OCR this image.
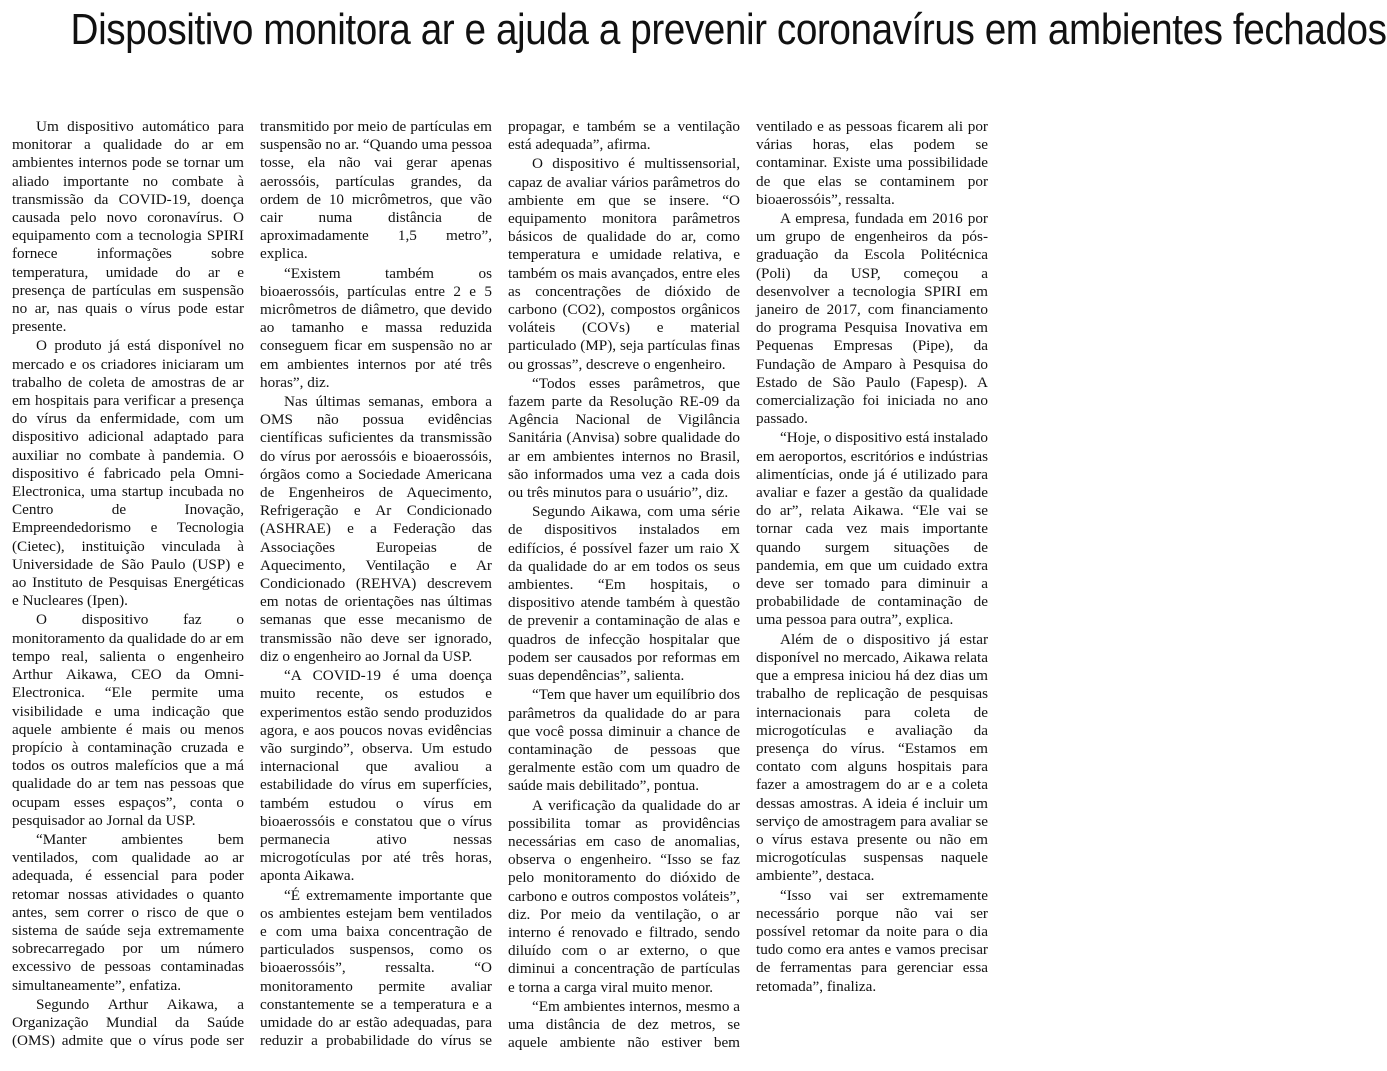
Dispositivo monitora ar e ajuda a prevenir coronavírus em ambientes fechados

Um dispositivo automático para monitorar a qualidade do ar em ambientes internos pode se tornar um aliado importante no combate à transmissão da COVID-19, doença causada pelo novo coronavírus. O equipamento com a tecnologia SPIRI fornece informações sobre temperatura, umidade do ar e presença de partículas em suspensão no ar, nas quais o vírus pode estar presente.

O produto já está disponível no mercado e os criadores iniciaram um trabalho de coleta de amostras de ar em hospitais para verificar a presença do vírus da enfermidade, com um dispositivo adicional adaptado para auxiliar no combate à pandemia. O dispositivo é fabricado pela Omni-Electronica, uma startup incubada no Centro de Inovação, Empreendedorismo e Tecnologia (Cietec), instituição vinculada à Universidade de São Paulo (USP) e ao Instituto de Pesquisas Energéticas e Nucleares (Ipen).

O dispositivo faz o monitoramento da qualidade do ar em tempo real, salienta o engenheiro Arthur Aikawa, CEO da Omni-Electronica. “Ele permite uma visibilidade e uma indicação que aquele ambiente é mais ou menos propício à contaminação cruzada e todos os outros malefícios que a má qualidade do ar tem nas pessoas que ocupam esses espaços”, conta o pesquisador ao Jornal da USP.

“Manter ambientes bem ventilados, com qualidade ao ar adequada, é essencial para poder retomar nossas atividades o quanto antes, sem correr o risco de que o sistema de saúde seja extremamente sobrecarregado por um número excessivo de pessoas contaminadas simultaneamente”, enfatiza.

Segundo Arthur Aikawa, a Organização Mundial da Saúde (OMS) admite que o vírus pode ser transmitido por meio de partículas em suspensão no ar. “Quando uma pessoa tosse, ela não vai gerar apenas aerossóis, partículas grandes, da ordem de 10 micrômetros, que vão cair numa distância de aproximadamente 1,5 metro”, explica.

“Existem também os bioaerossóis, partículas entre 2 e 5 micrômetros de diâmetro, que devido ao tamanho e massa reduzida conseguem ficar em suspensão no ar em ambientes internos por até três horas”, diz.

Nas últimas semanas, embora a OMS não possua evidências científicas suficientes da transmissão do vírus por aerossóis e bioaerossóis, órgãos como a Sociedade Americana de Engenheiros de Aquecimento, Refrigeração e Ar Condicionado (ASHRAE) e a Federação das Associações Europeias de Aquecimento, Ventilação e Ar Condicionado (REHVA) descrevem em notas de orientações nas últimas semanas que esse mecanismo de transmissão não deve ser ignorado, diz o engenheiro ao Jornal da USP.

“A COVID-19 é uma doença muito recente, os estudos e experimentos estão sendo produzidos agora, e aos poucos novas evidências vão surgindo”, observa. Um estudo internacional que avaliou a estabilidade do vírus em superfícies, também estudou o vírus em bioaerossóis e constatou que o vírus permanecia ativo nessas microgotículas por até três horas, aponta Aikawa.

“É extremamente importante que os ambientes estejam bem ventilados e com uma baixa concentração de particulados suspensos, como os bioaerossóis”, ressalta. “O monitoramento permite avaliar constantemente se a temperatura e a umidade do ar estão adequadas, para reduzir a probabilidade do vírus se propagar, e também se a ventilação está adequada”, afirma.

O dispositivo é multissensorial, capaz de avaliar vários parâmetros do ambiente em que se insere. “O equipamento monitora parâmetros básicos de qualidade do ar, como temperatura e umidade relativa, e também os mais avançados, entre eles as concentrações de dióxido de carbono (CO2), compostos orgânicos voláteis (COVs) e material particulado (MP), seja partículas finas ou grossas”, descreve o engenheiro.

“Todos esses parâmetros, que fazem parte da Resolução RE-09 da Agência Nacional de Vigilância Sanitária (Anvisa) sobre qualidade do ar em ambientes internos no Brasil, são informados uma vez a cada dois ou três minutos para o usuário”, diz.

Segundo Aikawa, com uma série de dispositivos instalados em edifícios, é possível fazer um raio X da qualidade do ar em todos os seus ambientes. “Em hospitais, o dispositivo atende também à questão de prevenir a contaminação de alas e quadros de infecção hospitalar que podem ser causados por reformas em suas dependências”, salienta.

“Tem que haver um equilíbrio dos parâmetros da qualidade do ar para que você possa diminuir a chance de contaminação de pessoas que geralmente estão com um quadro de saúde mais debilitado”, pontua.

A verificação da qualidade do ar possibilita tomar as providências necessárias em caso de anomalias, observa o engenheiro. “Isso se faz pelo monitoramento do dióxido de carbono e outros compostos voláteis”, diz. Por meio da ventilação, o ar interno é renovado e filtrado, sendo diluído com o ar externo, o que diminui a concentração de partículas e torna a carga viral muito menor.

“Em ambientes internos, mesmo a uma distância de dez metros, se aquele ambiente não estiver bem ventilado e as pessoas ficarem ali por várias horas, elas podem se contaminar. Existe uma possibilidade de que elas se contaminem por bioaerossóis”, ressalta.

A empresa, fundada em 2016 por um grupo de engenheiros da pós-graduação da Escola Politécnica (Poli) da USP, começou a desenvolver a tecnologia SPIRI em janeiro de 2017, com financiamento do programa Pesquisa Inovativa em Pequenas Empresas (Pipe), da Fundação de Amparo à Pesquisa do Estado de São Paulo (Fapesp). A comercialização foi iniciada no ano passado.

“Hoje, o dispositivo está instalado em aeroportos, escritórios e indústrias alimentícias, onde já é utilizado para avaliar e fazer a gestão da qualidade do ar”, relata Aikawa. “Ele vai se tornar cada vez mais importante quando surgem situações de pandemia, em que um cuidado extra deve ser tomado para diminuir a probabilidade de contaminação de uma pessoa para outra”, explica.

Além de o dispositivo já estar disponível no mercado, Aikawa relata que a empresa iniciou há dez dias um trabalho de replicação de pesquisas internacionais para coleta de microgotículas e avaliação da presença do vírus. “Estamos em contato com alguns hospitais para fazer a amostragem do ar e a coleta dessas amostras. A ideia é incluir um serviço de amostragem para avaliar se o vírus estava presente ou não em microgotículas suspensas naquele ambiente”, destaca.

“Isso vai ser extremamente necessário porque não vai ser possível retomar da noite para o dia tudo como era antes e vamos precisar de ferramentas para gerenciar essa retomada”, finaliza.
